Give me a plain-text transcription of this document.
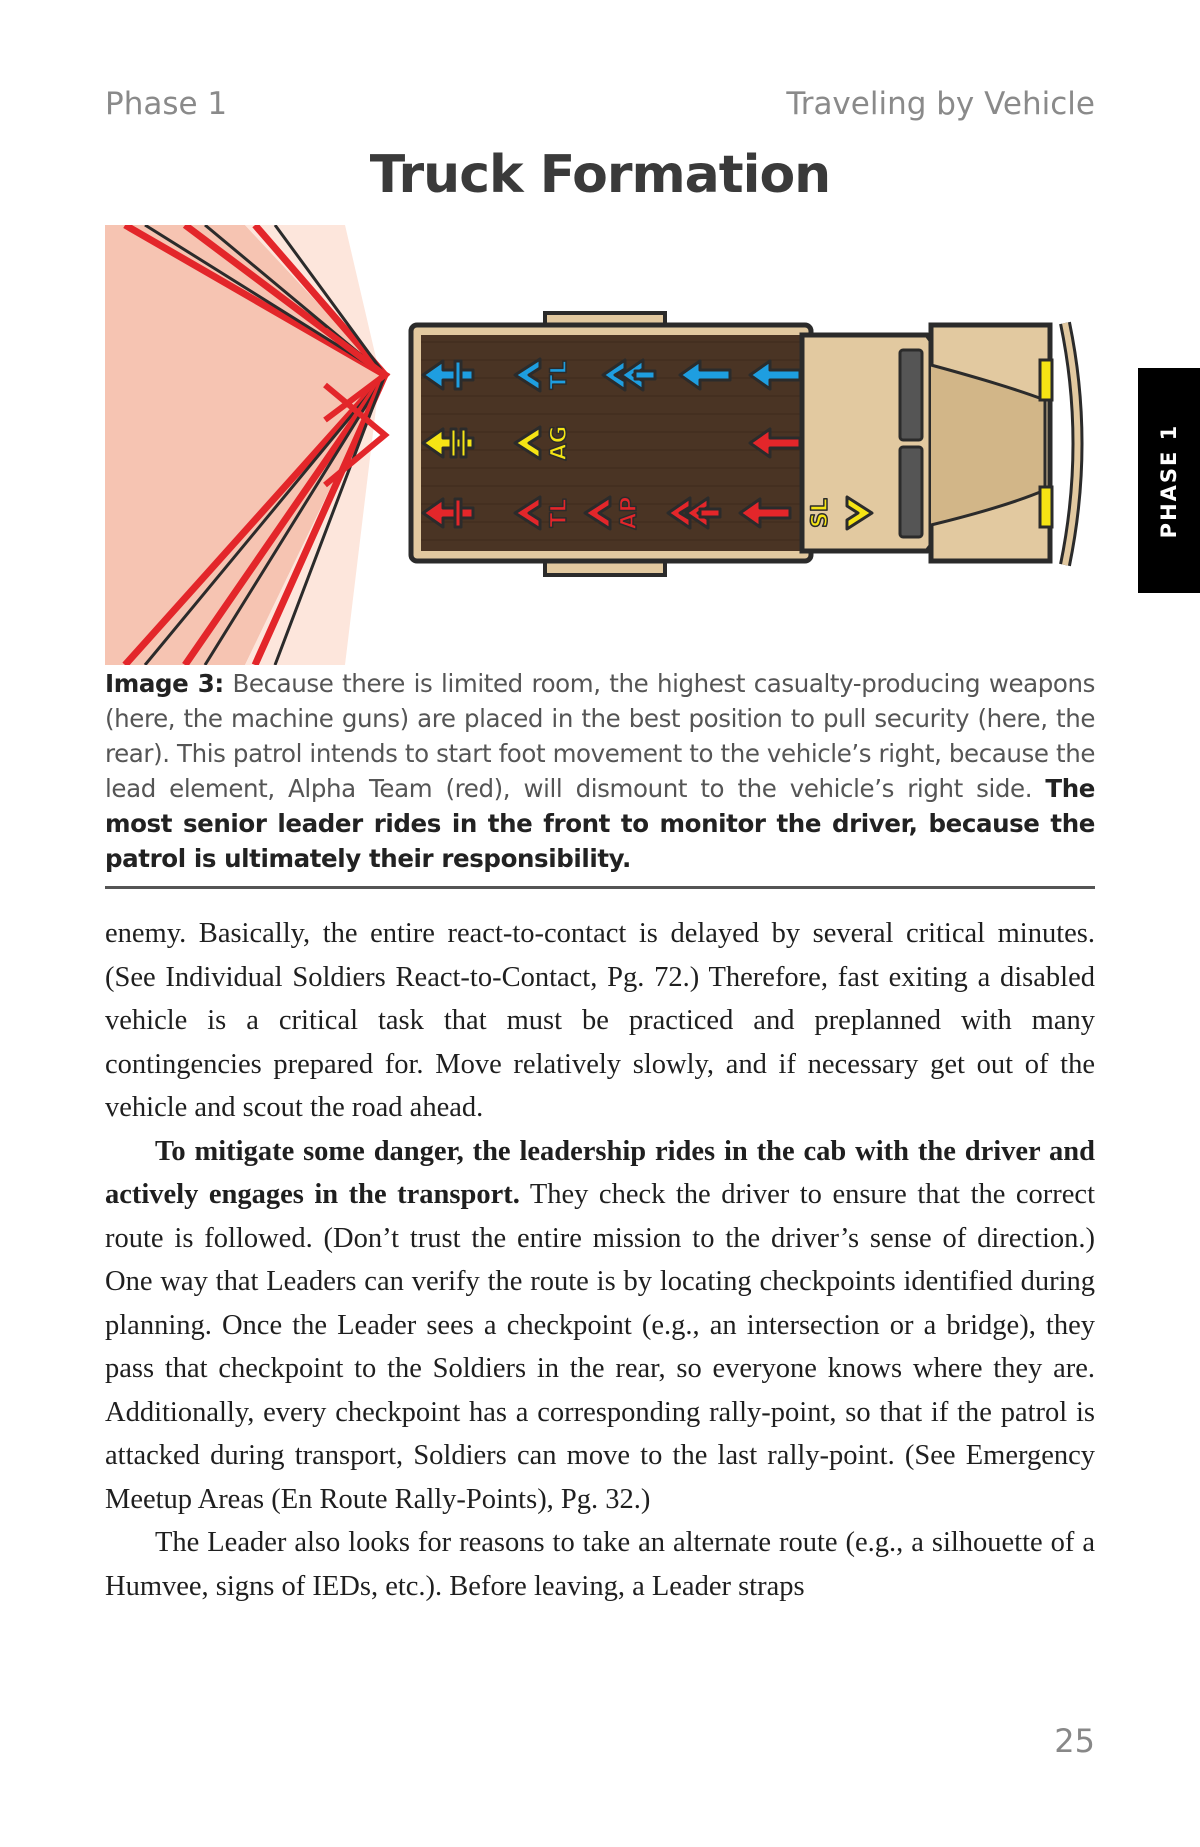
Phase 1	Traveling by Vehicle
Truck Formation
TL
AG
TL AP	SL
Image 3: Because there is limited room, the highest casualty-producing weapons (here, the machine guns) are placed in the best position to pull security (here, the rear). This patrol intends to start foot movement to the vehicle’s right, because the lead element, Alpha Team (red), will dismount to the vehicle’s right side. The most senior leader rides in the front to monitor the driver, because the patrol is ultimately their responsibility.

enemy. Basically, the entire react-to-contact is delayed by several critical minutes. (See Individual Soldiers React-to-Contact, Pg. 72.) Therefore, fast exiting a disabled vehicle is a critical task that must be practiced and preplanned with many contingencies prepared for. Move relatively slowly, and if necessary get out of the vehicle and scout the road ahead.

To mitigate some danger, the leadership rides in the cab with the driver and actively engages in the transport. They check the driver to ensure that the correct route is followed. (Don’t trust the entire mission to the driver’s sense of direction.) One way that Leaders can verify the route is by locating checkpoints identified during planning. Once the Leader sees a checkpoint (e.g., an intersection or a bridge), they pass that checkpoint to the Soldiers in the rear, so everyone knows where they are. Additionally, every checkpoint has a corresponding rally-point, so that if the patrol is attacked during transport, Soldiers can move to the last rally-point. (See Emergency Meetup Areas (En Route Rally-Points), Pg. 32.)

The Leader also looks for reasons to take an alternate route (e.g., a silhouette of a Humvee, signs of IEDs, etc.). Before leaving, a Leader straps

25
PHASE 1
